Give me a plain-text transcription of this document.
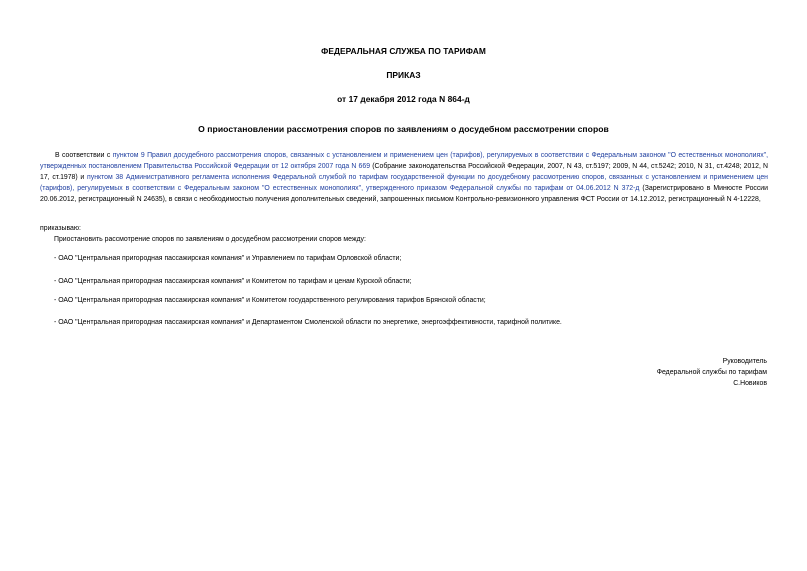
ФЕДЕРАЛЬНАЯ СЛУЖБА ПО ТАРИФАМ
ПРИКАЗ
от 17 декабря 2012 года N 864-д
О приостановлении рассмотрения споров по заявлениям о досудебном рассмотрении споров
В соответствии с пунктом 9 Правил досудебного рассмотрения споров, связанных с установлением и применением цен (тарифов), регулируемых в соответствии с Федеральным законом "О естественных монополиях", утвержденных постановлением Правительства Российской Федерации от 12 октября 2007 года N 669 (Собрание законодательства Российской Федерации, 2007, N 43, ст.5197; 2009, N 44, ст.5242; 2010, N 31, ст.4248; 2012, N 17, ст.1978) и пунктом 38 Административного регламента исполнения Федеральной службой по тарифам государственной функции по досудебному рассмотрению споров, связанных с установлением и применением цен (тарифов), регулируемых в соответствии с Федеральным законом "О естественных монополиях", утвержденного приказом Федеральной службы по тарифам от 04.06.2012 N 372-д (Зарегистрировано в Минюсте России 20.06.2012, регистрационный N 24635), в связи с необходимостью получения дополнительных сведений, запрошенных письмом Контрольно-ревизионного управления ФСТ России от 14.12.2012, регистрационный N 4-12228,
приказываю:
Приостановить рассмотрение споров по заявлениям о досудебном рассмотрении споров между:
- ОАО "Центральная пригородная пассажирская компания" и Управлением по тарифам Орловской области;
- ОАО "Центральная пригородная пассажирская компания" и Комитетом по тарифам и ценам Курской области;
- ОАО "Центральная пригородная пассажирская компания" и Комитетом государственного регулирования тарифов Брянской области;
- ОАО "Центральная пригородная пассажирская компания" и Департаментом Смоленской области по энергетике, энергоэффективности, тарифной политике.
Руководитель
Федеральной службы по тарифам
С.Новиков
